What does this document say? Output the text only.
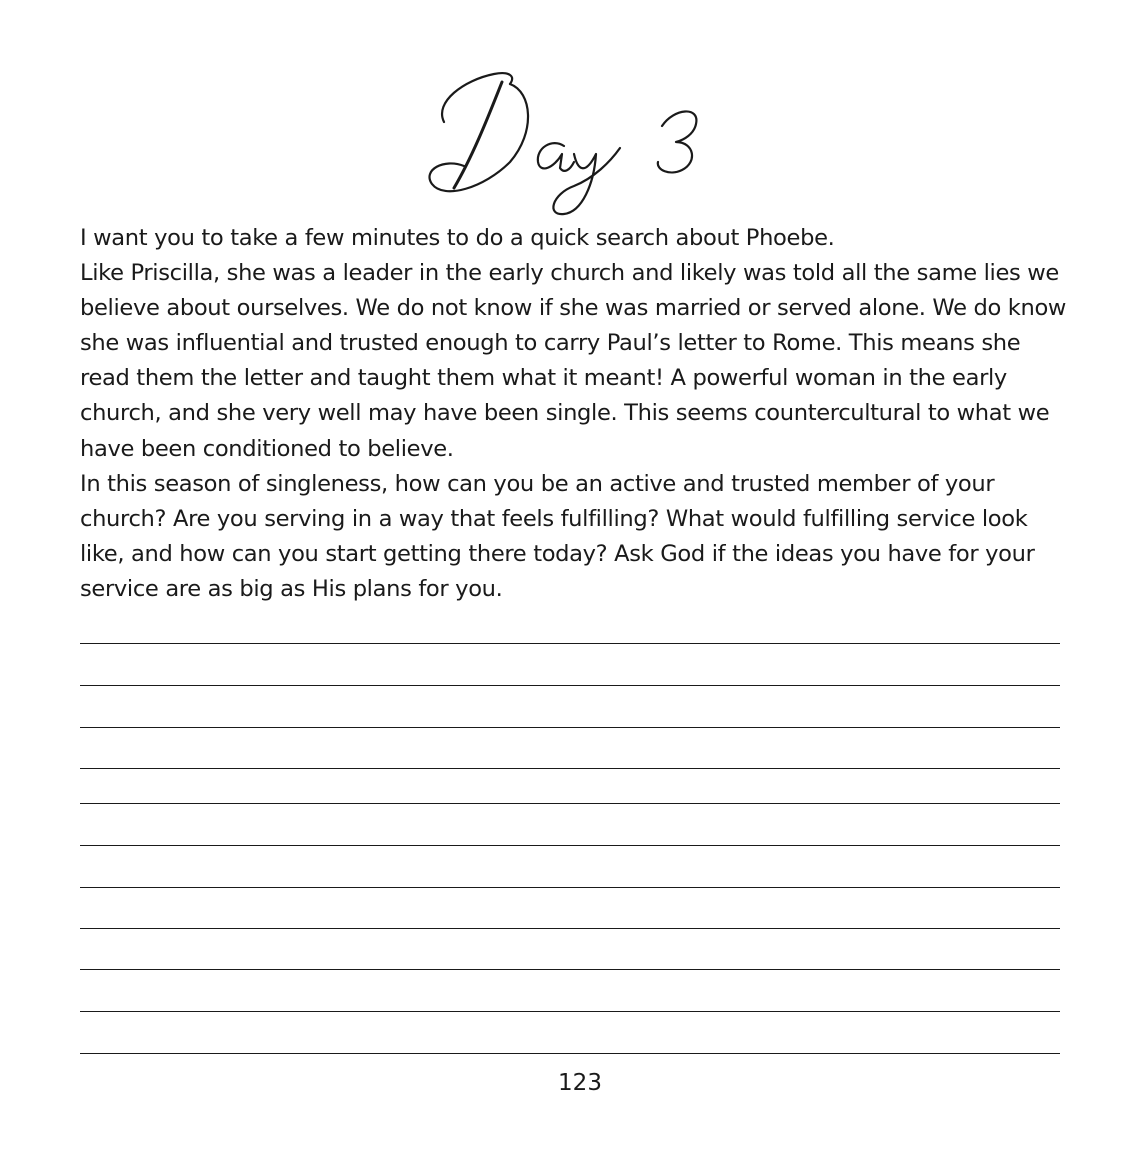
I want you to take a few minutes to do a quick search about Phoebe.

Like Priscilla, she was a leader in the early church and likely was told all the same lies we believe about ourselves. We do not know if she was married or served alone. We do know she was influential and trusted enough to carry Paul’s letter to Rome. This means she read them the letter and taught them what it meant! A powerful woman in the early church, and she very well may have been single. This seems countercultural to what we have been conditioned to believe.

In this season of singleness, how can you be an active and trusted member of your church? Are you serving in a way that feels fulfilling? What would fulfilling service look like, and how can you start getting there today? Ask God if the ideas you have for your service are as big as His plans for you.

123
